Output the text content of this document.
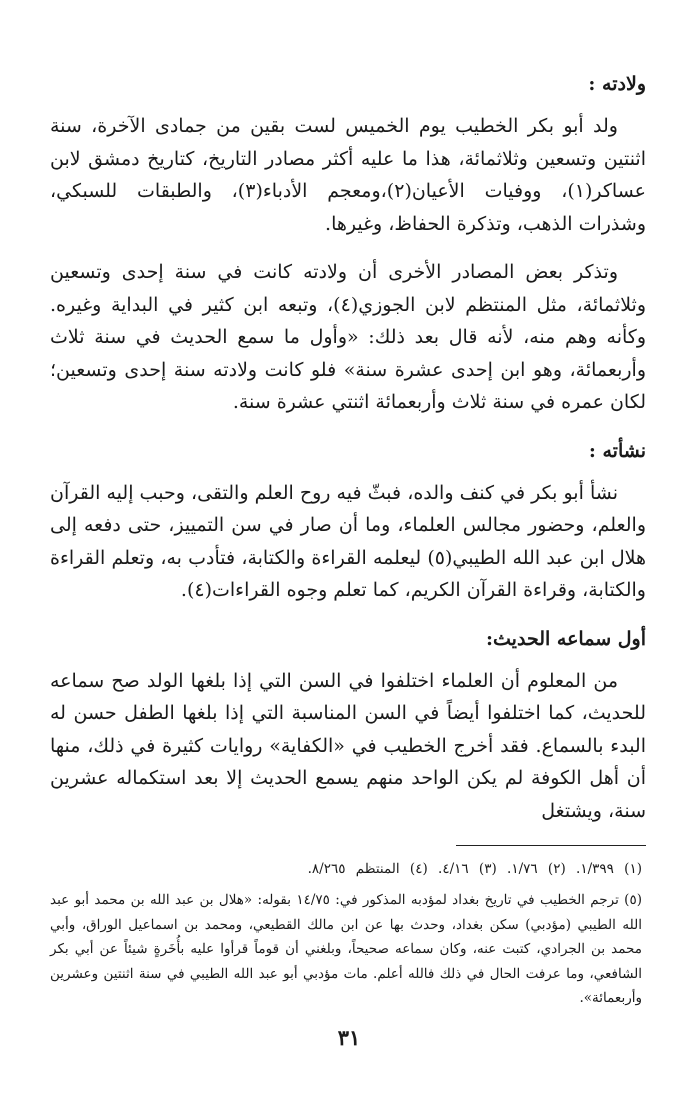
ولادته :

ولد أبو بكر الخطيب يوم الخميس لست بقين من جمادى الآخرة، سنة اثنتين وتسعين وثلاثمائة، هذا ما عليه أكثر مصادر التاريخ، كتاريخ دمشق لابن عساكر(١)، ووفيات الأعيان(٢)،ومعجم الأدباء(٣)، والطبقات للسبكي، وشذرات الذهب، وتذكرة الحفاظ، وغيرها.

وتذكر بعض المصادر الأخرى أن ولادته كانت في سنة إحدى وتسعين وثلاثمائة، مثل المنتظم لابن الجوزي(٤)، وتبعه ابن كثير في البداية وغيره. وكأنه وهم منه، لأنه قال بعد ذلك: «وأول ما سمع الحديث في سنة ثلاث وأربعمائة، وهو ابن إحدى عشرة سنة» فلو كانت ولادته سنة إحدى وتسعين؛ لكان عمره في سنة ثلاث وأربعمائة اثنتي عشرة سنة.

نشأته :

نشأ أبو بكر في كنف والده، فبثّ فيه روح العلم والتقى، وحبب إليه القرآن والعلم، وحضور مجالس العلماء، وما أن صار في سن التمييز، حتى دفعه إلى هلال ابن عبد الله الطيبي(٥) ليعلمه القراءة والكتابة، فتأدب به، وتعلم القراءة والكتابة، وقراءة القرآن الكريم، كما تعلم وجوه القراءات(٤).

أول سماعه الحديث:

من المعلوم أن العلماء اختلفوا في السن التي إذا بلغها الولد صح سماعه للحديث، كما اختلفوا أيضاً في السن المناسبة التي إذا بلغها الطفل حسن له البدء بالسماع. فقد أخرج الخطيب في «الكفاية» روايات كثيرة في ذلك، منها أن أهل الكوفة لم يكن الواحد منهم يسمع الحديث إلا بعد استكماله عشرين سنة، ويشتغل

(١) ١/٣٩٩. (٢) ١/٧٦. (٣) ٤/١٦. (٤) المنتظم ٨/٢٦٥.
(٥) ترجم الخطيب في تاريخ بغداد لمؤدبه المذكور في: ١٤/٧٥ بقوله: «هلال بن عبد الله بن محمد أبو عبد الله الطيبي (مؤدبي) سكن بغداد، وحدث بها عن ابن مالك القطيعي، ومحمد بن اسماعيل الوراق، وأبي محمد بن الجرادي، كتبت عنه، وكان سماعه صحيحاً، وبلغني أن قوماً قرأوا عليه بأُخَرةٍ شيئاً عن أبي بكر الشافعي، وما عرفت الحال في ذلك فالله أعلم. مات مؤدبي أبو عبد الله الطيبي في سنة اثنتين وعشرين وأربعمائة».
٣١
